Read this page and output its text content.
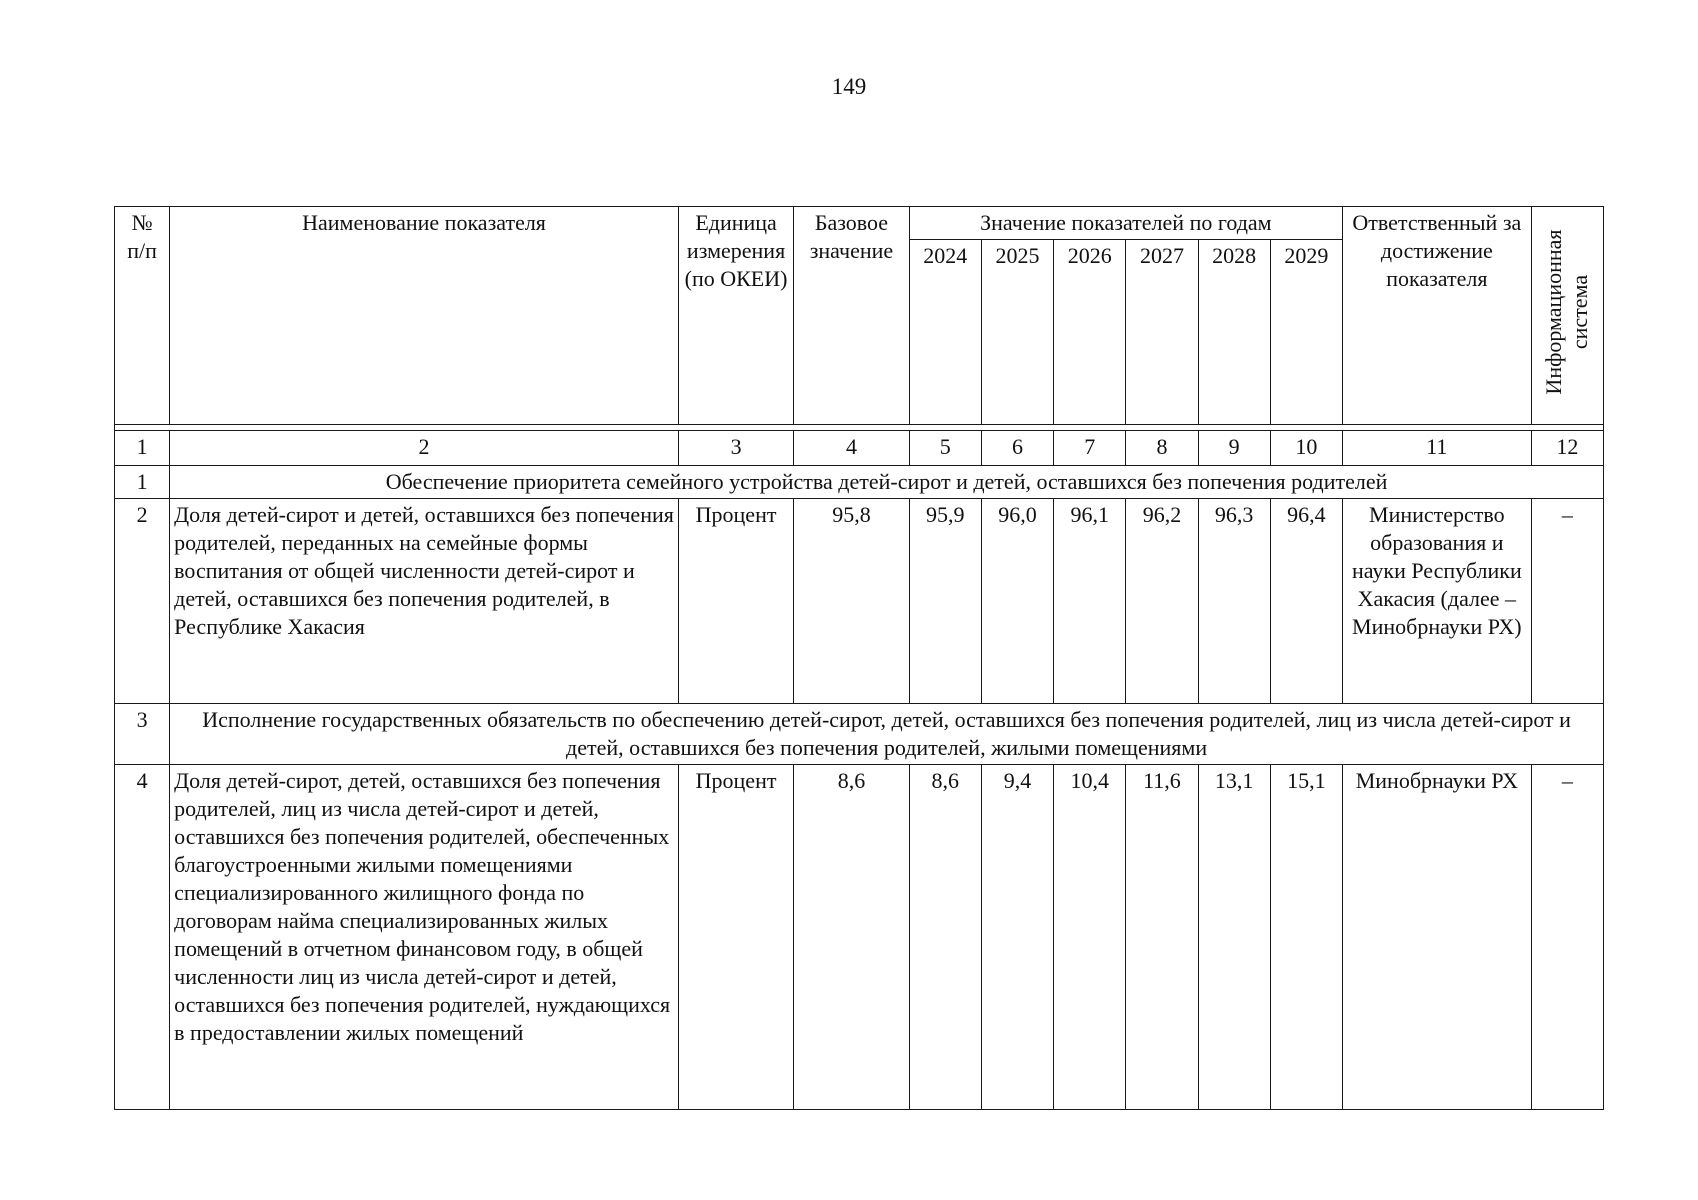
149
№
п/п	Наименование показателя	Единица измерения (по ОКЕИ)	Базовое значение	Значение показателей по годам						Ответственный за достижение показателя	Информационная система

				2024	2025	2026	2027	2028	2029		

1	2	3	4	5	6	7	8	9	10	11	12
1	Обеспечение приоритета семейного устройства детей-сирот и детей, оставшихся без попечения родителей										
2	Доля детей-сирот и детей, оставшихся без попечения родителей, переданных на семейные формы воспитания от общей численности детей-сирот и детей, оставшихся без попечения родителей, в Республике Хакасия	Процент	95,8	95,9	96,0	96,1	96,2	96,3	96,4	Министерство образования и науки Республики Хакасия (далее – Минобрнауки РХ)	–
3	Исполнение государственных обязательств по обеспечению детей-сирот, детей, оставшихся без попечения родителей, лиц из числа детей-сирот и детей, оставшихся без попечения родителей, жилыми помещениями										
4	Доля детей-сирот, детей, оставшихся без попечения родителей, лиц из числа детей-сирот и детей, оставшихся без попечения родителей, обеспеченных благоустроенными жилыми помещениями специализированного жилищного фонда по договорам найма специализированных жилых помещений в отчетном финансовом году, в общей численности лиц из числа детей-сирот и детей, оставшихся без попечения родителей, нуждающихся в предоставлении жилых помещений	Процент	8,6	8,6	9,4	10,4	11,6	13,1	15,1	Минобрнауки РХ	–
